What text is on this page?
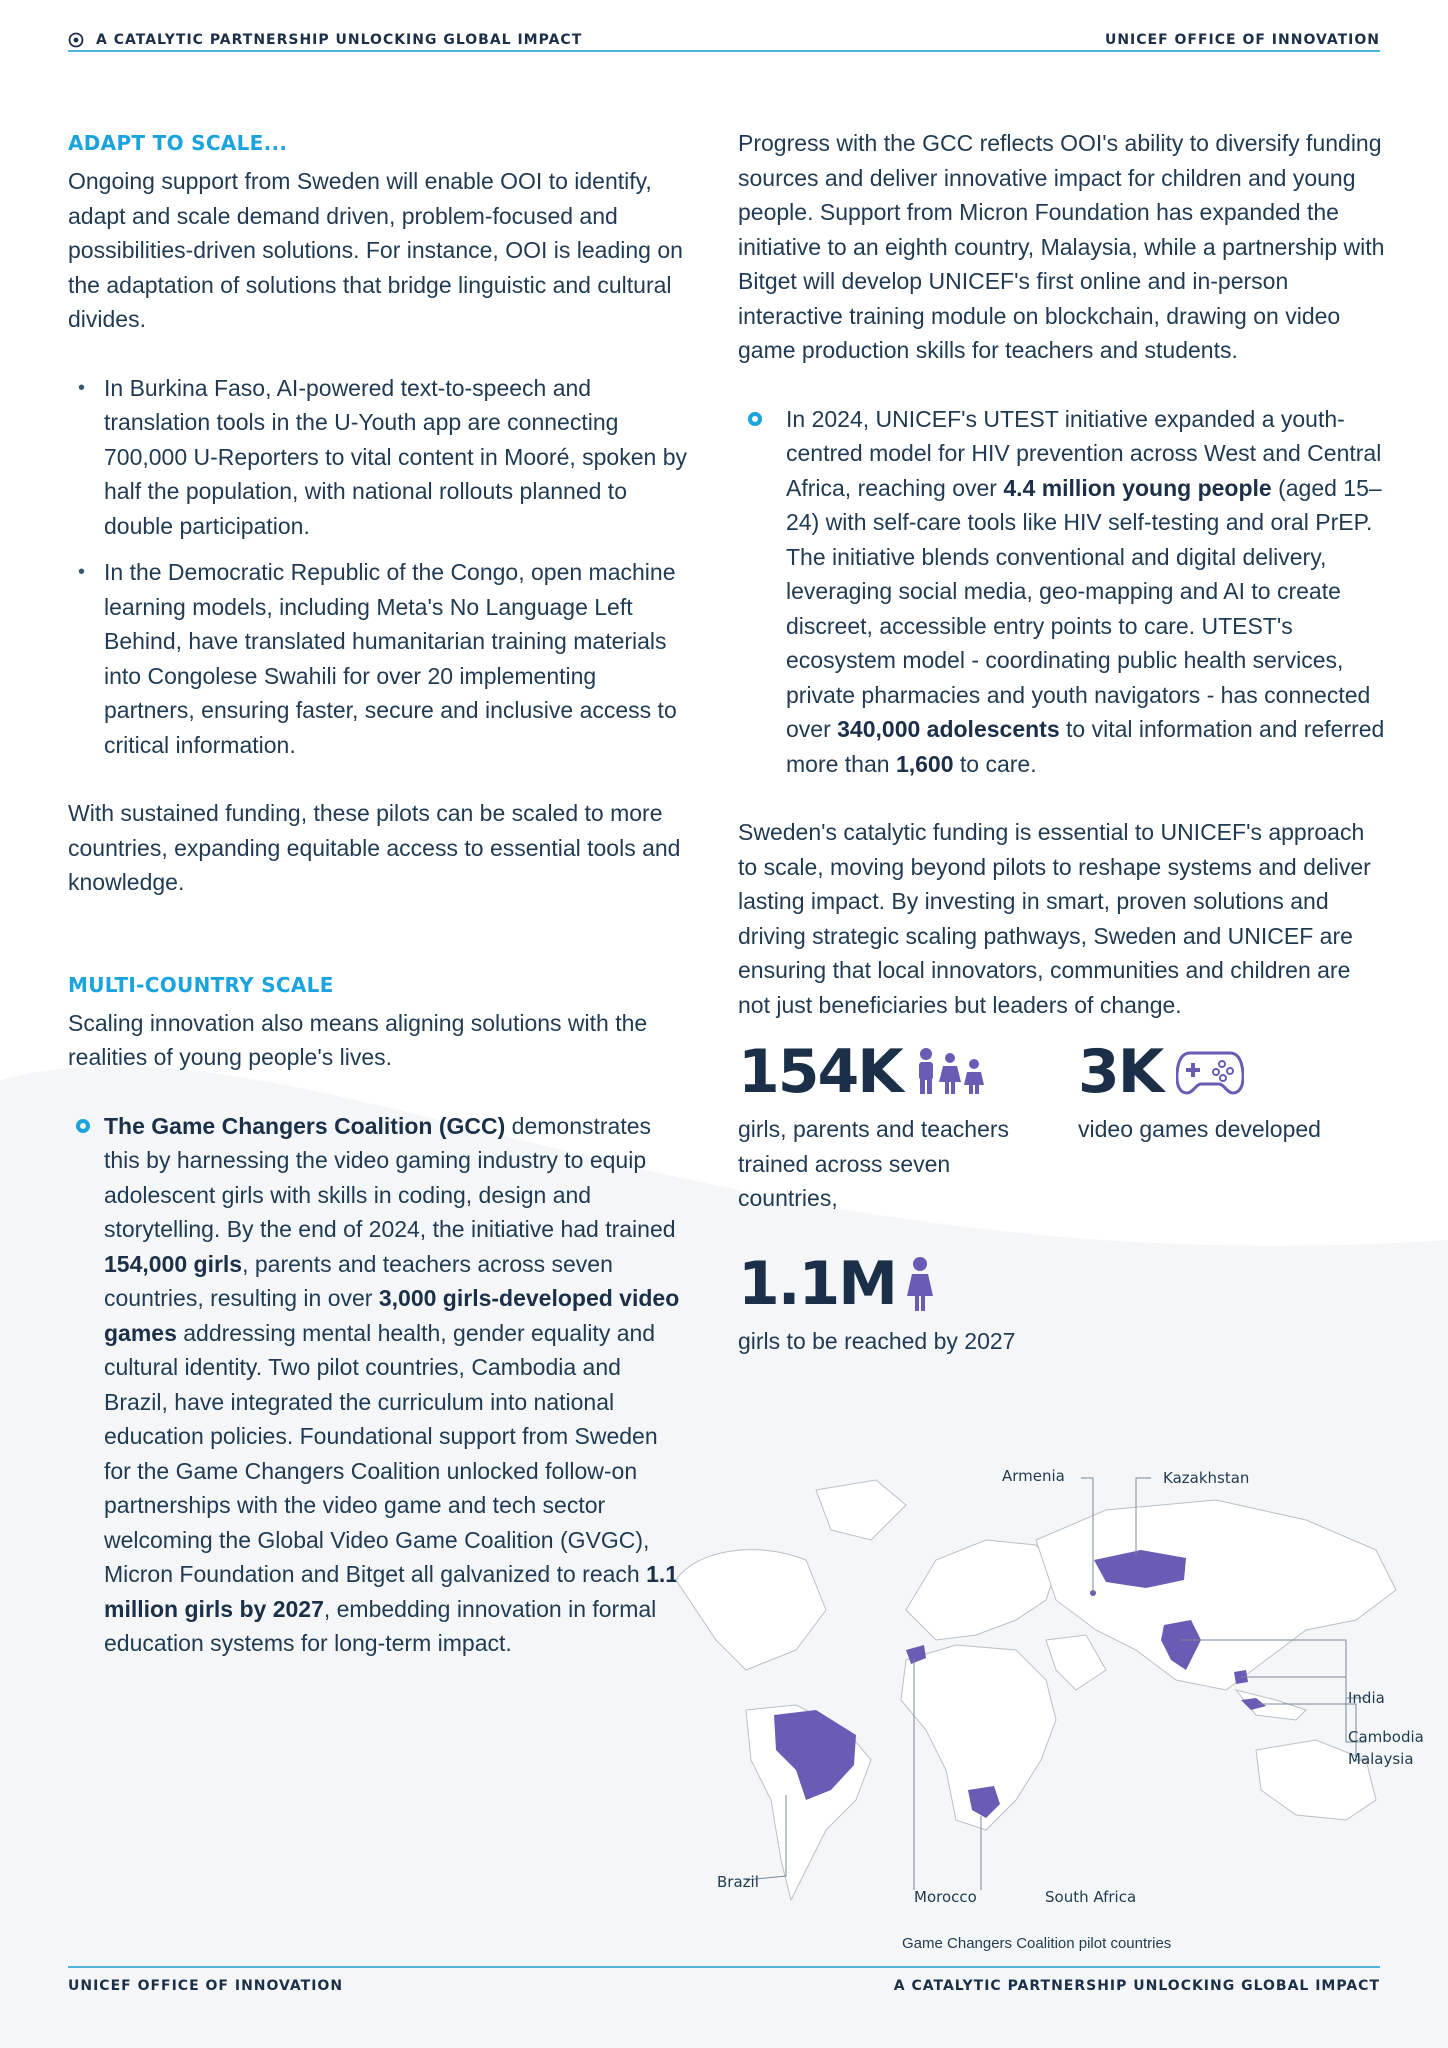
A CATALYTIC PARTNERSHIP UNLOCKING GLOBAL IMPACT	UNICEF OFFICE OF INNOVATION
ADAPT TO SCALE...

Ongoing support from Sweden will enable OOI to identify, adapt and scale demand driven, problem-focused and possibilities-driven solutions. For instance, OOI is leading on the adaptation of solutions that bridge linguistic and cultural divides.

• In Burkina Faso, AI-powered text-to-speech and translation tools in the U-Youth app are connecting 700,000 U-Reporters to vital content in Mooré, spoken by half the population, with national rollouts planned to double participation.
• In the Democratic Republic of the Congo, open machine learning models, including Meta's No Language Left Behind, have translated humanitarian training materials into Congolese Swahili for over 20 implementing partners, ensuring faster, secure and inclusive access to critical information.

With sustained funding, these pilots can be scaled to more countries, expanding equitable access to essential tools and knowledge.

MULTI-COUNTRY SCALE

Scaling innovation also means aligning solutions with the realities of young people's lives.

The Game Changers Coalition (GCC) demonstrates this by harnessing the video gaming industry to equip adolescent girls with skills in coding, design and storytelling. By the end of 2024, the initiative had trained 154,000 girls, parents and teachers across seven countries, resulting in over 3,000 girls-developed video games addressing mental health, gender equality and cultural identity. Two pilot countries, Cambodia and Brazil, have integrated the curriculum into national education policies. Foundational support from Sweden for the Game Changers Coalition unlocked follow-on partnerships with the video game and tech sector welcoming the Global Video Game Coalition (GVGC), Micron Foundation and Bitget all galvanized to reach 1.1 million girls by 2027, embedding innovation in formal education systems for long-term impact.

Progress with the GCC reflects OOI's ability to diversify funding sources and deliver innovative impact for children and young people. Support from Micron Foundation has expanded the initiative to an eighth country, Malaysia, while a partnership with Bitget will develop UNICEF's first online and in-person interactive training module on blockchain, drawing on video game production skills for teachers and students.

In 2024, UNICEF's UTEST initiative expanded a youth-centred model for HIV prevention across West and Central Africa, reaching over 4.4 million young people (aged 15–24) with self-care tools like HIV self-testing and oral PrEP. The initiative blends conventional and digital delivery, leveraging social media, geo-mapping and AI to create discreet, accessible entry points to care. UTEST's ecosystem model - coordinating public health services, private pharmacies and youth navigators - has connected over 340,000 adolescents to vital information and referred more than 1,600 to care.

Sweden's catalytic funding is essential to UNICEF's approach to scale, moving beyond pilots to reshape systems and deliver lasting impact. By investing in smart, proven solutions and driving strategic scaling pathways, Sweden and UNICEF are ensuring that local innovators, communities and children are not just beneficiaries but leaders of change.

154K
girls, parents and teachers trained across seven countries,
3K
video games developed
1.1M
girls to be reached by 2027
Armenia	Kazakhstan
India
Cambodia
Malaysia
Brazil
Morocco	South Africa
Game Changers Coalition pilot countries
UNICEF OFFICE OF INNOVATION	A CATALYTIC PARTNERSHIP UNLOCKING GLOBAL IMPACT
